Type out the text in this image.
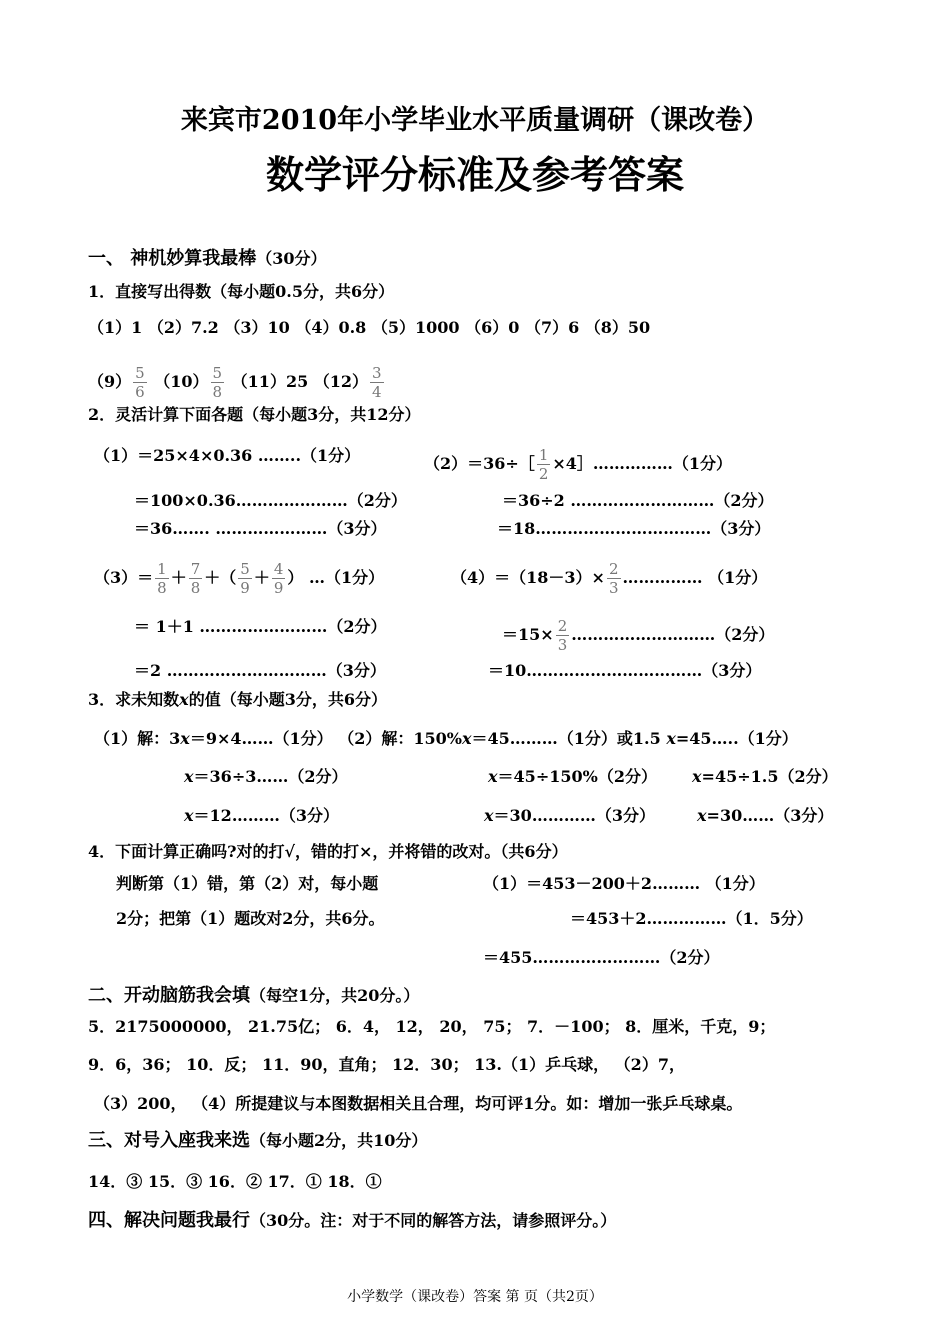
来宾市2010年小学毕业水平质量调研（课改卷）
数学评分标准及参考答案
一、 神机妙算我最棒（30分）
1．直接写出得数（每小题0.5分，共6分）
（1）1 （2）7.2 （3）10 （4）0.8 （5）1000 （6）0 （7）6 （8）50
$(9) \frac{5}{6} (10) \frac{5}{8} (11)25$ $(12) \frac{3}{4}$
2．灵活计算下面各题（每小题3分，共12分）
（1）＝25×4×0.36 ……..（1分）	（2）＝36÷［ $\frac{1}{2}$ ×4］……………（1分）
＝100×0.36…………………（2分）	＝36÷2 ………………………（2分）
＝36……. …………………（3分）	＝18……………………………（3分）
$(3)= \frac{1}{8} + \frac{7}{8}$ ＋（ $\frac{5}{9} + \frac{4}{9}$ ） …（1分）	$(4)=(18-3)\times \frac{2}{3}$ …………… （1分）
＝ 1＋1 ……………………（2分）	$=15\times \frac{2}{3}$ ………………………（2分）
＝2 …………………………（3分）	＝10……………………………（3分）
3．求未知数x的值（每小题3分，共6分）
（1）解：3x＝9×4……（1分） （2）解：150%x＝45………（1分）或1.5 x=45…..（1分）
x＝36÷3……（2分）	x＝45÷150%（2分） x=45÷1.5（2分）
x＝12………（3分）	x＝30…………（3分）	x=30……（3分）
4．下面计算正确吗?对的打√，错的打×，并将错的改对。（共6分）
判断第（1）错，第（2）对，每小题
2分；把第（1）题改对2分，共6分。
（1）＝453－200＋2……… （1分）
＝453＋2……………（1．5分）
＝455……………………（2分）
二、开动脑筋我会填（每空1分，共20分。）
5．2175000000， 21.75亿； 6．4， 12， 20， 75； 7．－100； 8．厘米，千克，9；
9．6，36； 10．反； 11．90，直角； 12．30； 13.（1）乒乓球， （2）7，
（3）200， （4）所提建议与本图数据相关且合理，均可评1分。如：增加一张乒乓球桌。
三、对号入座我来选（每小题2分，共10分）
14．③ 15．③ 16．② 17．① 18．①
四、解决问题我最行（30分。注：对于不同的解答方法，请参照评分。）
小学数学（课改卷）答案 第 页（共2页）
